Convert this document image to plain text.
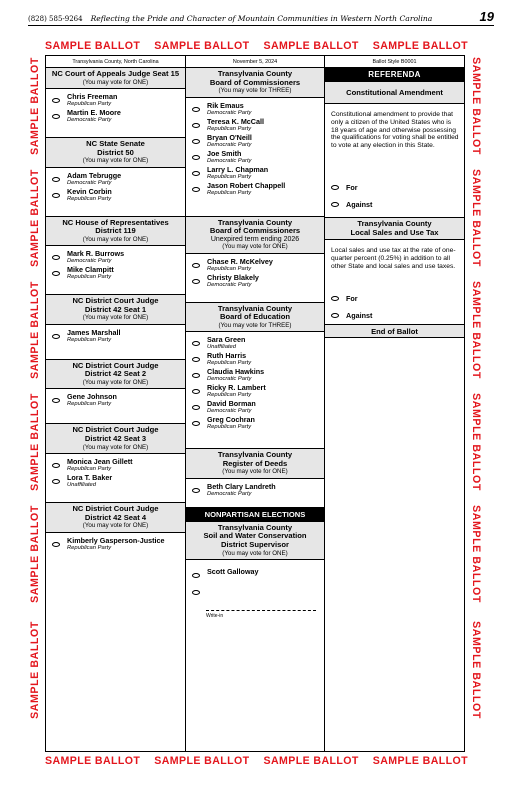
(828) 585-9264 Reflecting the Pride and Character of Mountain Communities in Western North Carolina	19
SAMPLE BALLOT SAMPLE BALLOT SAMPLE BALLOT SAMPLE BALLOT
SAMPLE BALLOT SAMPLE BALLOT SAMPLE BALLOT SAMPLE BALLOT
SAMPLE BALLOT
SAMPLE BALLOT
SAMPLE BALLOT
SAMPLE BALLOT
SAMPLE BALLOT
SAMPLE BALLOT
SAMPLE BALLOT
SAMPLE BALLOT
SAMPLE BALLOT
SAMPLE BALLOT
SAMPLE BALLOT
SAMPLE BALLOT
Transylvania County, North Carolina
NC Court of Appeals Judge Seat 15
(You may vote for ONE)
Chris Freeman
Republican Party
Martin E. Moore
Democratic Party
NC State Senate
District 50
(You may vote for ONE)
Adam Tebrugge
Democratic Party
Kevin Corbin
Republican Party
NC House of Representatives
District 119
(You may vote for ONE)
Mark R. Burrows
Democratic Party
Mike Clampitt
Republican Party
NC District Court Judge
District 42 Seat 1
(You may vote for ONE)
James Marshall
Republican Party
NC District Court Judge
District 42 Seat 2
(You may vote for ONE)
Gene Johnson
Republican Party
NC District Court Judge
District 42 Seat 3
(You may vote for ONE)
Monica Jean Gillett
Republican Party
Lora T. Baker
Unaffiliated
NC District Court Judge
District 42 Seat 4
(You may vote for ONE)
Kimberly Gasperson-Justice
Republican Party
November 5, 2024
Transylvania County
Board of Commissioners
(You may vote for THREE)
Rik Emaus
Democratic Party
Teresa K. McCall
Republican Party
Bryan O'Neill
Democratic Party
Joe Smith
Democratic Party
Larry L. Chapman
Republican Party
Jason Robert Chappell
Republican Party
Transylvania County
Board of Commissioners
Unexpired term ending 2026
(You may vote for ONE)
Chase R. McKelvey
Republican Party
Christy Blakely
Democratic Party
Transylvania County
Board of Education
(You may vote for THREE)
Sara Green
Unaffiliated
Ruth Harris
Republican Party
Claudia Hawkins
Democratic Party
Ricky R. Lambert
Republican Party
David Borman
Democratic Party
Greg Cochran
Republican Party
Transylvania County
Register of Deeds
(You may vote for ONE)
Beth Clary Landreth
Democratic Party
NONPARTISAN ELECTIONS
Transylvania County
Soil and Water Conservation
District Supervisor
(You may vote for ONE)
Scott Galloway
Write-in
Ballot Style B0001
REFERENDA
Constitutional Amendment
Constitutional amendment to provide that only a citizen of the United States who is 18 years of age and otherwise possessing the qualifications for voting shall be entitled to vote at any election in this State.
For
Against
Transylvania County
Local Sales and Use Tax
Local sales and use tax at the rate of one-quarter percent (0.25%) in addition to all other State and local sales and use taxes.
For
Against
End of Ballot
